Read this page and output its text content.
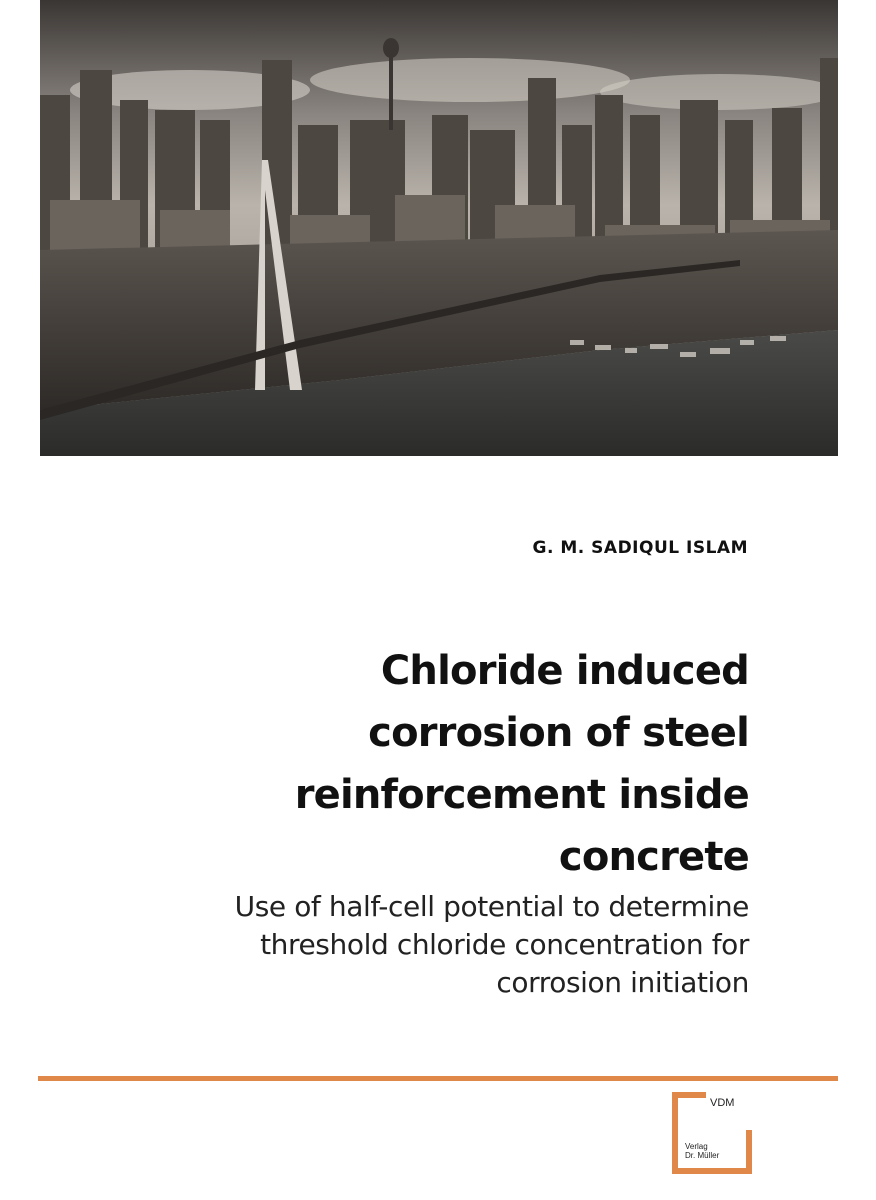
G. M. SADIQUL ISLAM
Chloride induced
corrosion of steel
reinforcement inside
concrete
Use of half-cell potential to determine
threshold chloride concentration for
corrosion initiation
VDM
Verlag
Dr. Müller
